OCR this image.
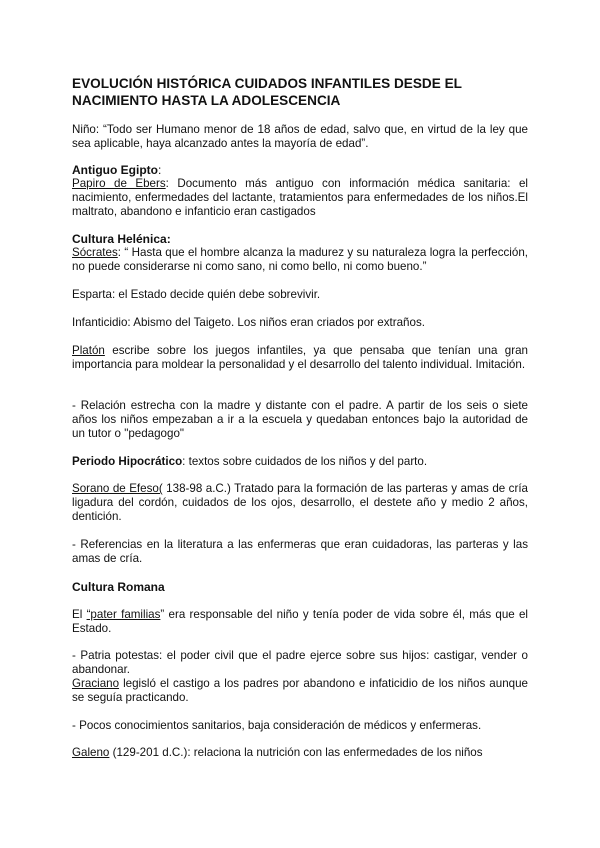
EVOLUCIÓN HISTÓRICA CUIDADOS INFANTILES DESDE EL NACIMIENTO HASTA LA ADOLESCENCIA
Niño: “Todo ser Humano menor de 18 años de edad, salvo que, en virtud de la ley que sea aplicable, haya alcanzado antes la mayoría de edad”.
Antiguo Egipto:
Papiro de Ebers: Documento más antiguo con información médica sanitaria: el nacimiento, enfermedades del lactante, tratamientos para enfermedades de los niños.El maltrato, abandono e infanticio eran castigados
Cultura Helénica:
Sócrates: “ Hasta que el hombre alcanza la madurez y su naturaleza logra la perfección, no puede considerarse ni como sano, ni como bello, ni como bueno.”
Esparta: el Estado decide quién debe sobrevivir.
Infanticidio: Abismo del Taigeto. Los niños eran criados por extraños.
Platón escribe sobre los juegos infantiles, ya que pensaba que tenían una gran importancia para moldear la personalidad y el desarrollo del talento individual. Imitación.
- Relación estrecha con la madre y distante con el padre. A partir de los seis o siete años los niños empezaban a ir a la escuela y quedaban entonces bajo la autoridad de un tutor o "pedagogo"
Periodo Hipocrático: textos sobre cuidados de los niños y del parto.
Sorano de Efeso( 138-98 a.C.) Tratado para la formación de las parteras y amas de cría ligadura del cordón, cuidados de los ojos, desarrollo, el destete año y medio 2 años, dentición.
- Referencias en la literatura a las enfermeras que eran cuidadoras, las parteras y las amas de cría.
Cultura Romana
El “pater familias” era responsable del niño y tenía poder de vida sobre él, más que el Estado.
- Patria potestas: el poder civil que el padre ejerce sobre sus hijos: castigar, vender o abandonar.
Graciano legisló el castigo a los padres por abandono e infaticidio de los niños aunque se seguía practicando.
- Pocos conocimientos sanitarios, baja consideración de médicos y enfermeras.
Galeno (129-201 d.C.): relaciona la nutrición con las enfermedades de los niños
